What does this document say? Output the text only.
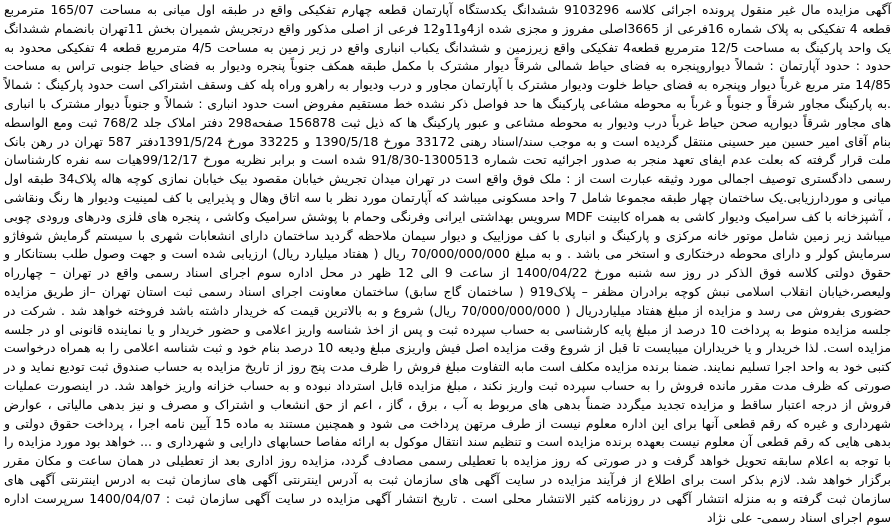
آگهی مزایده مال غیر منقول پرونده اجرائی کلاسه 9103296 ششدانگ یکدستگاه آپارتمان قطعه چهارم تفکیکی واقع در طبقه اول میانی به مساحت 165/07 مترمربع قطعه 4 تفکیکی به پلاک شماره 16فرعی از 3665اصلی مفروز و مجزی شده از4و11و12 فرعی از اصلی مذکور واقع درتجریش شمیران بخش 11تهران بانضمام ششدانگ یک واحد پارکینگ به مساحت 12/5 مترمربع قطعه4 تفکیکی واقع زیرزمین و ششدانگ یکباب انباری واقع در زیر زمین به مساحت 4/5 مترمربع قطعه 4 تفکیکی محدود به حدود : حدود آپارتمان : شمالاً دیواروپنجره به فضای حیاط شمالی شرقاً دیوار مشترک با مکمل طبقه همکف جنوباً پنجره ودیوار به فضای حیاط جنوبی تراس به مساحت 14/85 متر مربع غرباً دیوار وپنجره به فضای حیاط خلوت ودیوار مشترک با آپارتمان مجاور و درب ودیوار به راهرو وراه پله کف وسقف اشتراکی است حدود پارکینگ : شمالاً .به پارکینگ مجاور شرقاً و جنوباً و غرباً به محوطه مشاعی پارکینگ ها حد فواصل ذکر نشده خط مستقیم مفروض است حدود انباری : شمالاً و جنوباً دیوار مشترک با انباری های مجاور شرقاً دیوارپه صحن حیاط غرباً درب ودیوار به محوطه مشاعی و عبور پارکینگ ها که ذیل ثبت 156878 صفحه298 دفتر املاک جلد 768/2 ثبت ومع الواسطه بنام آقای امیر حسین میر حسینی منتقل گردیده است و به موجب سند/اسناد رهنی 33172 مورخ 1390/5/18 و 33225 مورخ 1391/5/24دفتر 587 تهران در رهن بانک ملت قرار گرفته که بعلت عدم ایفای تعهد منجر به صدور اجرائیه تحت شماره 1300513-91/8/30 شده است و برابر نظریه مورخ 99/12/17هیات سه نفره کارشناسان رسمی دادگستری توصیف اجمالی مورد وثیقه عبارت است از : ملک فوق واقع است در تهران میدان تجریش خیابان مقصود بیک خیابان نمازی کوچه هاله پلاک34 طبقه اول میانی و موردارزیابی.یک ساختمان چهار طبقه مجموعا شامل 7 واحد مسکونی میباشد که آپارتمان مورد نظر با سه اتاق وهال و پذیرایی با کف لمینیت ودیوار ها رنگ ونقاشی ، آشپزخانه با کف سرامیک ودیوار کاشی به همراه کابینت MDF سرویس بهداشتی ایرانی وفرنگی وحمام با پوشش سرامیک وکاشی ، پنجره های فلزی ودرهای ورودی چوبی میباشد زیر زمین شامل موتور خانه مرکزی و پارکینگ و انباری با کف موزاییک و دیوار سیمان ملاحظه گردید ساختمان دارای انشعابات شهری با سیستم گرمایش شوفاژو سرمایش کولر و دارای محوطه درختکاری و استخر می باشد . و به مبلغ 70/000/000/000 ریال ( هفتاد میلیارد ریال) ارزیابی شده است و جهت وصول طلب بستانکار و حقوق دولتی کلاسه فوق الذکر در روز سه شنبه مورخ 1400/04/22 از ساعت 9 الی 12 ظهر در محل اداره سوم اجرای اسناد رسمی واقع در تهران – چهارراه ولیعصر،خیابان انقلاب اسلامی نبش کوچه برادران مظفر – پلاک919 ( ساختمان گاج سابق) ساختمان معاونت اجرای اسناد رسمی ثبت استان تهران –از طریق مزایده حضوری بفروش می رسد و مزایده از مبلغ هفتاد میلیاردریال ( 70/000/000/000 ریال) شروع و به بالاترین قیمت که خریدار داشته باشد فروخته خواهد شد . شرکت در جلسه مزایده منوط به پرداخت 10 درصد از مبلغ پایه کارشناسی به حساب سپرده ثبت و پس از اخذ شناسه واریز اعلامی و حضور خریدار و یا نماینده قانونی او در جلسه مزایده است. لذا خریدار و یا خریداران میبایست تا قبل از شروع وقت مزایده اصل فیش واریزی مبلغ ودیعه 10 درصد بنام خود و ثبت شناسه اعلامی را به همراه درخواست کتبی خود به واحد اجرا تسلیم نمایند. ضمنا برنده مزایده مکلف است مابه التفاوت مبلغ فروش را ظرف مدت پنج روز از تاریخ مزایده به حساب صندوق ثبت تودیع نماید و در صورتی که ظرف مدت مقرر مانده فروش را به حساب سپرده ثبت واریز نکند ، مبلغ مزایده قابل استرداد نبوده و به حساب خزانه واریز خواهد شد. در اینصورت عملیات فروش از درجه اعتبار ساقط و مزایده تجدید میگردد ضمناً بدهی های مربوط به آب ، برق ، گاز ، اعم از حق انشعاب و اشتراک و مصرف و نیز بدهی مالیاتی ، عوارض شهرداری و غیره که رقم قطعی آنها برای این اداره معلوم نیست از طرف مرتهن پرداخت می شود و همچنین مستند به ماده 15 آیین نامه اجرا ، پرداخت حقوق دولتی و بدهی هایی که رقم قطعی آن معلوم نیست بعهده برنده مزایده است و تنظیم سند انتقال موکول به ارائه مفاصا حسابهای دارایی و شهرداری و ... خواهد بود مورد مزایده را با توجه به اعلام سابقه تحویل خواهد گرفت و در صورتی که روز مزایده با تعطیلی رسمی مصادف گردد، مزایده روز اداری بعد از تعطیلی در همان ساعت و مکان مقرر برگزار خواهد شد. لازم بذکر است برای اطلاع از فرآیند مزایده در سایت آگهی های سازمان ثبت به آدرس اینترنتی آگهی های سازمان ثبت به ادرس اینترنتی آگهی های سازمان ثبت گرفته و به منزله انتشار آگهی در روزنامه کثیر الانتشار محلی است . تاریخ انتشار آگهی مزایده در سایت آگهی سازمان ثبت : 1400/04/07 سرپرست اداره سوم اجرای اسناد رسمی- علی نژاد
